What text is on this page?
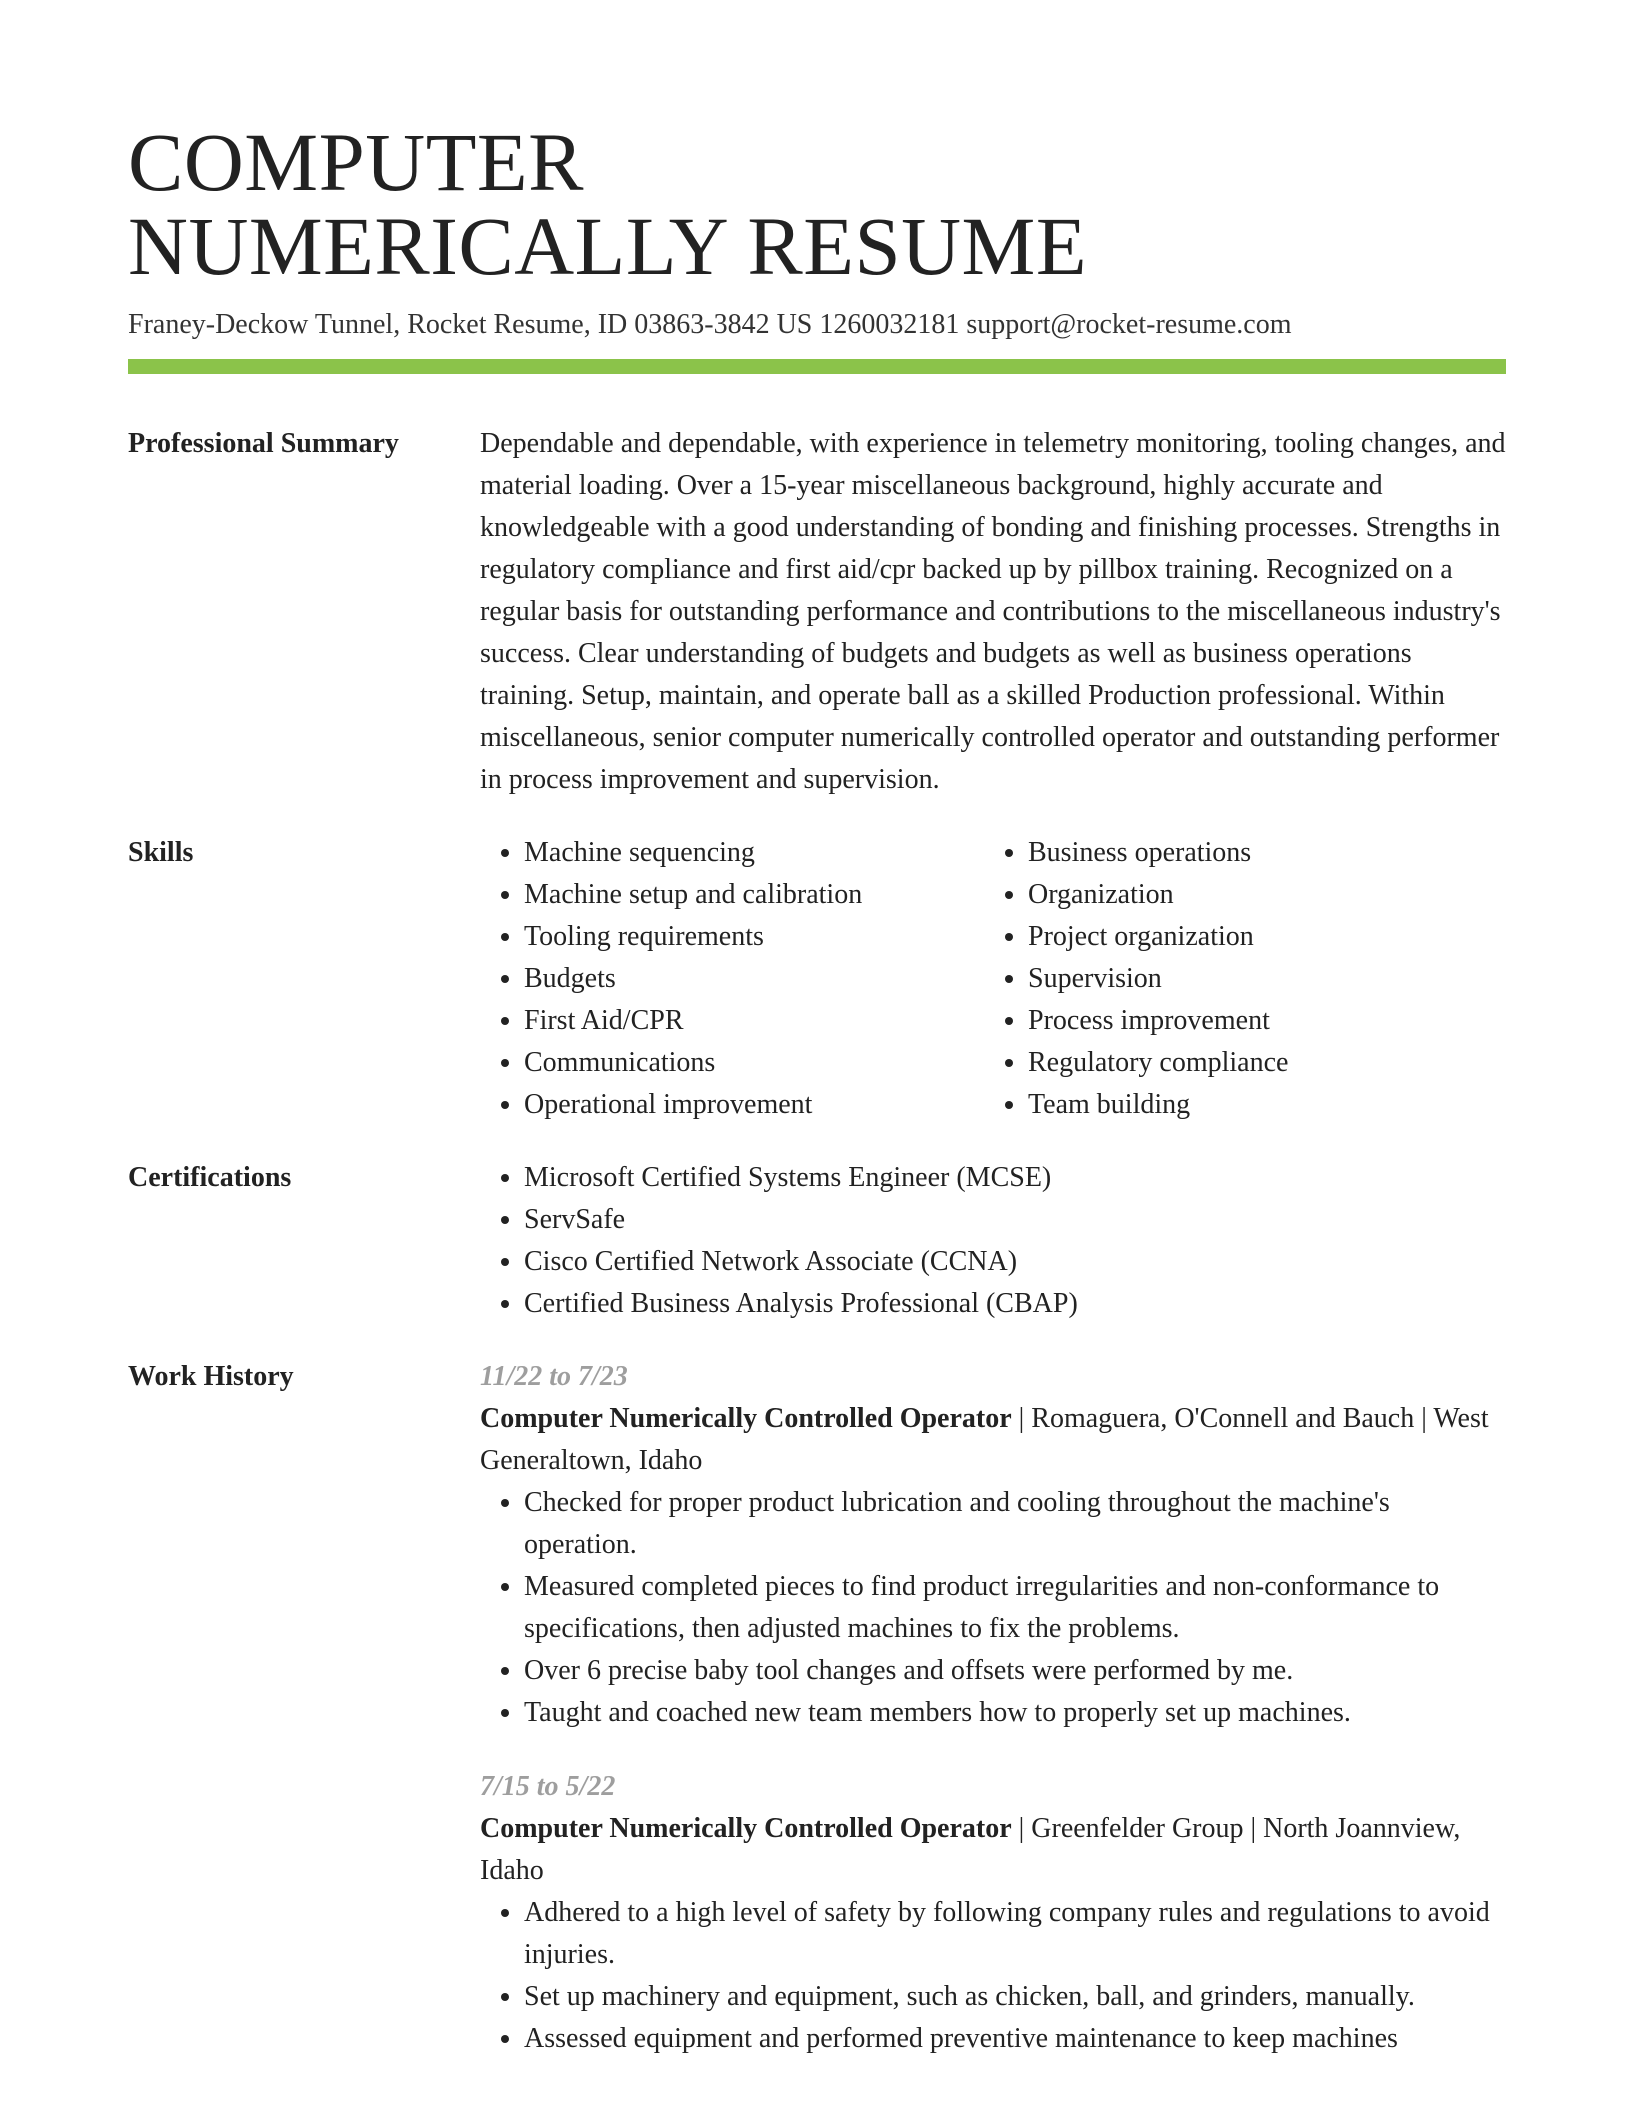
COMPUTER
NUMERICALLY RESUME
Franey-Deckow Tunnel, Rocket Resume, ID 03863-3842 US 1260032181 support@rocket-resume.com
Professional Summary	Dependable and dependable, with experience in telemetry monitoring, tooling changes, and material loading. Over a 15-year miscellaneous background, highly accurate and knowledgeable with a good understanding of bonding and finishing processes. Strengths in regulatory compliance and first aid/cpr backed up by pillbox training. Recognized on a regular basis for outstanding performance and contributions to the miscellaneous industry's success. Clear understanding of budgets and budgets as well as business operations training. Setup, maintain, and operate ball as a skilled Production professional. Within miscellaneous, senior computer numerically controlled operator and outstanding performer in process improvement and supervision.
Skills	• Machine sequencing
• Machine setup and calibration
• Tooling requirements
• Budgets
• First Aid/CPR
• Communications
• Operational improvement
• Business operations
• Organization
• Project organization
• Supervision
• Process improvement
• Regulatory compliance
• Team building
Certifications	• Microsoft Certified Systems Engineer (MCSE)
• ServSafe
• Cisco Certified Network Associate (CCNA)
• Certified Business Analysis Professional (CBAP)
Work History	11/22 to 7/23
Computer Numerically Controlled Operator | Romaguera, O'Connell and Bauch | West Generaltown, Idaho
• Checked for proper product lubrication and cooling throughout the machine's operation.
• Measured completed pieces to find product irregularities and non-conformance to specifications, then adjusted machines to fix the problems.
• Over 6 precise baby tool changes and offsets were performed by me.
• Taught and coached new team members how to properly set up machines.
7/15 to 5/22
Computer Numerically Controlled Operator | Greenfelder Group | North Joannview, Idaho
• Adhered to a high level of safety by following company rules and regulations to avoid injuries.
• Set up machinery and equipment, such as chicken, ball, and grinders, manually.
• Assessed equipment and performed preventive maintenance to keep machines
